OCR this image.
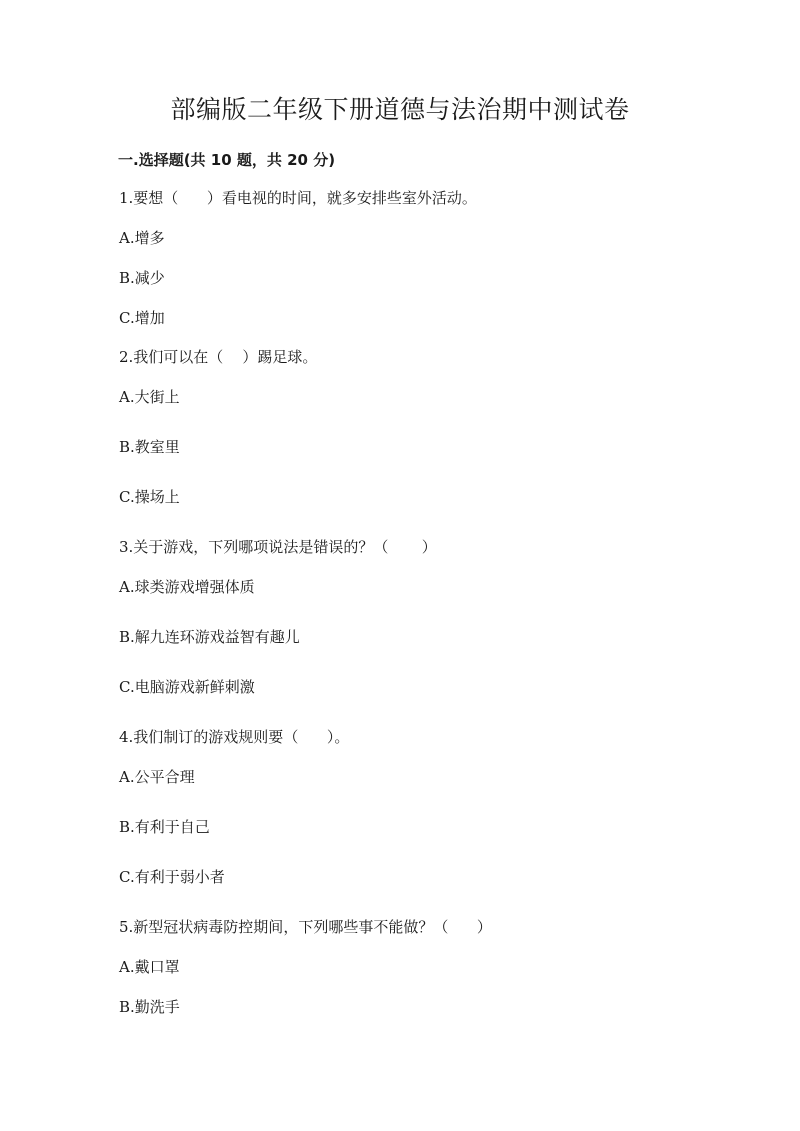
部编版二年级下册道德与法治期中测试卷
一.选择题(共 10 题，共 20 分)
1.要想（      ）看电视的时间，就多安排些室外活动。
A.增多
B.减少
C.增加
2.我们可以在（    ）踢足球。
A.大街上
B.教室里
C.操场上
3.关于游戏，下列哪项说法是错误的？（       ）
A.球类游戏增强体质
B.解九连环游戏益智有趣儿
C.电脑游戏新鲜刺激
4.我们制订的游戏规则要（      ）。
A.公平合理
B.有利于自己
C.有利于弱小者
5.新型冠状病毒防控期间，下列哪些事不能做？（      ）
A.戴口罩
B.勤洗手
